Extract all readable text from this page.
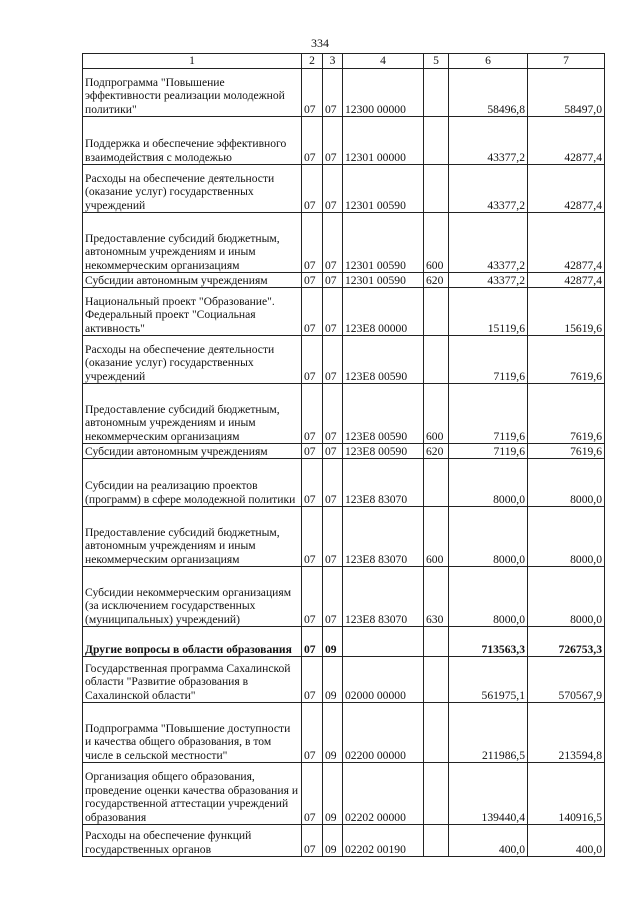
334
1	2	3	4	5	6	7
Подпрограмма "Повышение эффективности реализации молодежной политики"	07	07	12300 00000		58496,8	58497,0
Поддержка и обеспечение эффективного взаимодействия с молодежью	07	07	12301 00000		43377,2	42877,4
Расходы на обеспечение деятельности (оказание услуг) государственных учреждений	07	07	12301 00590		43377,2	42877,4
Предоставление субсидий бюджетным, автономным учреждениям и иным некоммерческим организациям	07	07	12301 00590	600	43377,2	42877,4
Субсидии автономным учреждениям	07	07	12301 00590	620	43377,2	42877,4
Национальный проект "Образование". Федеральный проект "Социальная активность"	07	07	123E8 00000		15119,6	15619,6
Расходы на обеспечение деятельности (оказание услуг) государственных учреждений	07	07	123E8 00590		7119,6	7619,6
Предоставление субсидий бюджетным, автономным учреждениям и иным некоммерческим организациям	07	07	123E8 00590	600	7119,6	7619,6
Субсидии автономным учреждениям	07	07	123E8 00590	620	7119,6	7619,6
Субсидии на реализацию проектов (программ) в сфере молодежной политики	07	07	123E8 83070		8000,0	8000,0
Предоставление субсидий бюджетным, автономным учреждениям и иным некоммерческим организациям	07	07	123E8 83070	600	8000,0	8000,0
Субсидии некоммерческим организациям (за исключением государственных (муниципальных) учреждений)	07	07	123E8 83070	630	8000,0	8000,0
Другие вопросы в области образования	07	09			713563,3	726753,3
Государственная программа Сахалинской области "Развитие образования в Сахалинской области"	07	09	02000 00000		561975,1	570567,9
Подпрограмма "Повышение доступности и качества общего образования, в том числе в сельской местности"	07	09	02200 00000		211986,5	213594,8
Организация общего образования, проведение оценки качества образования и государственной аттестации учреждений образования	07	09	02202 00000		139440,4	140916,5
Расходы на обеспечение функций государственных органов	07	09	02202 00190		400,0	400,0
